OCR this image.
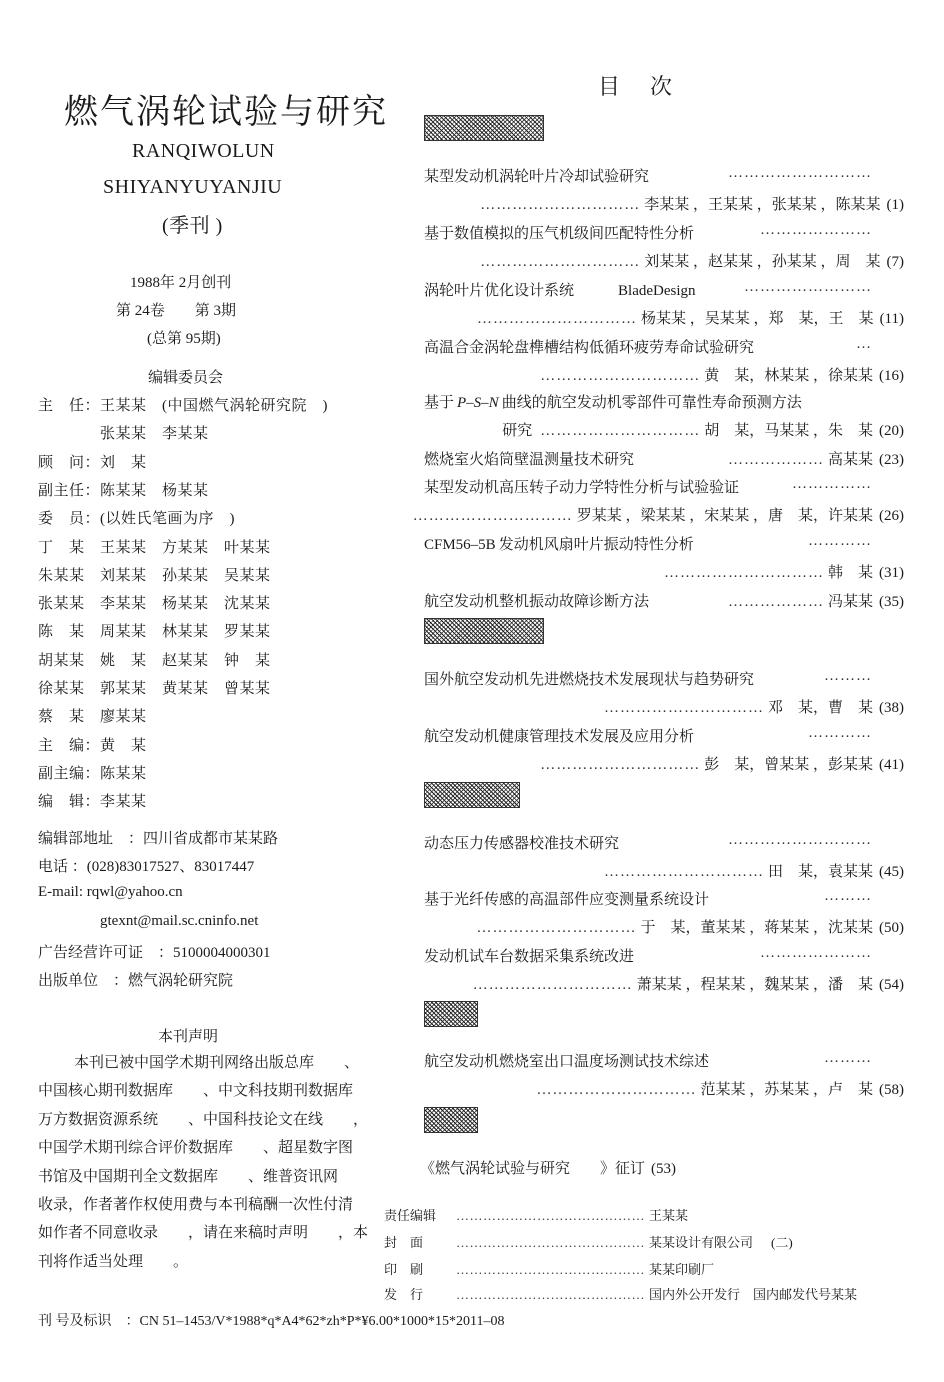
燃气涡轮试验与研究
RANQIWOLUN
SHIYANYUYANJIU
(季刊 )
1988年 2月创刊
第 24卷　　第 3期
(总第 95期)
编辑委员会
主　任：王某某　(中国燃气涡轮研究院　)
　　　　张某某　李某某
顾　问：刘　某
副主任：陈某某　杨某某
委　员：(以姓氏笔画为序　)
丁　某　王某某　方某某　叶某某
朱某某　刘某某　孙某某　吴某某
张某某　李某某　杨某某　沈某某
陈　某　周某某　林某某　罗某某
胡某某　姚　某　赵某某　钟　某
徐某某　郭某某　黄某某　曾某某
蔡　某　廖某某
主　编：黄　某
副主编：陈某某
编　辑：李某某
编辑部地址　：四川省成都市某某路
电话 ：(028)83017527、83017447
E-mail: rqwl@yahoo.cn
gtexnt@mail.sc.cninfo.net
广告经营许可证　：5100004000301
出版单位　：燃气涡轮研究院
本刊声明
本刊已被中国学术期刊网络出版总库　　、
中国核心期刊数据库　　、中文科技期刊数据库
万方数据资源系统　　、中国科技论文在线　　，
中国学术期刊综合评价数据库　　、超星数字图
书馆及中国期刊全文数据库　　、维普资讯网
收录，作者著作权使用费与本刊稿酬一次性付清
如作者不同意收录　　，请在来稿时声明　　，本
刊将作适当处理　　。
目　次
某型发动机涡轮叶片冷却试验研究	………………………
………………………… 李某某 ，王某某 ，张某某 ，陈某某 (1)
基于数值模拟的压气机级间匹配特性分析	…………………
………………………… 刘某某 ，赵某某 ，孙某某 ，周　某 (7)
涡轮叶片优化设计系统	BladeDesign	……………………
………………………… 杨某某 ，吴某某 ，郑　某，王　某 (11)
高温合金涡轮盘榫槽结构低循环疲劳寿命试验研究	…
………………………… 黄　某，林某某 ，徐某某 (16)
基于 P–S–N 曲线的航空发动机零部件可靠性寿命预测方法
研究 ………………………… 胡　某，马某某 ，朱　某 (20)
燃烧室火焰筒壁温测量技术研究	……………… 高某某 (23)
某型发动机高压转子动力学特性分析与试验验证	……………
………………………… 罗某某 ，梁某某 ，宋某某 ，唐　某，许某某 (26)
CFM56–5B 发动机风扇叶片振动特性分析	…………
………………………… 韩　某 (31)
航空发动机整机振动故障诊断方法	……………… 冯某某 (35)
国外航空发动机先进燃烧技术发展现状与趋势研究	………
………………………… 邓　某，曹　某 (38)
航空发动机健康管理技术发展及应用分析	…………
………………………… 彭　某，曾某某 ，彭某某 (41)
动态压力传感器校准技术研究	………………………
………………………… 田　某，袁某某 (45)
基于光纤传感的高温部件应变测量系统设计	………
………………………… 于　某，董某某 ，蒋某某 ，沈某某 (50)
发动机试车台数据采集系统改进	…………………
………………………… 萧某某 ，程某某 ，魏某某 ，潘　某 (54)
航空发动机燃烧室出口温度场测试技术综述	………
………………………… 范某某 ，苏某某 ，卢　某 (58)
《燃气涡轮试验与研究　　》征订 (53)
责任编辑 …………………………………… 王某某
封　面	…………………………………… 某某设计有限公司 (二)
印　刷	…………………………………… 某某印刷厂
发　行	…………………………………… 国内外公开发行　国内邮发代号某某
刊 号及标识　：CN 51–1453/V*1988*q*A4*62*zh*P*¥6.00*1000*15*2011–08
